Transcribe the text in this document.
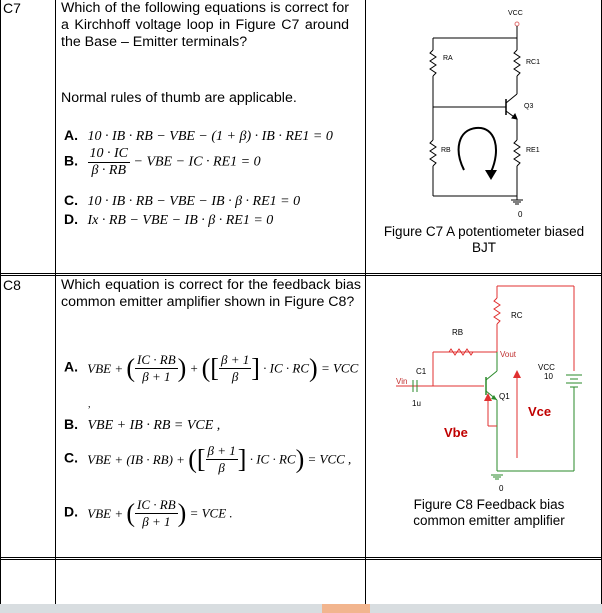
C7	Which of the following equations is correct for a Kirchhoff voltage loop in Figure C7 around the Base – Emitter terminals?
Normal rules of thumb are applicable.
A. 10 · IB · RB − VBE − (1 + β) · IB · RE1 = 0
B. $\frac{10 \cdot IC}{\beta \cdot RB}$ − VBE − IC · RE1 = 0
C. 10 · IB · RB − VBE − IB · β · RE1 = 0
D. Ix · RB − VBE − IB · β · RE1 = 0
VCC
RA
RC1
Q3
RB	RE1
0
Figure C7 A potentiometer biased
BJT
C8	Which equation is correct for the feedback bias common emitter amplifier shown in Figure C8?
A. VBE + ( $\frac{IC \cdot RB}{\beta + 1}$ ) + ([ $\frac{\beta + 1}{\beta}$ ] · IC · RC) = VCC
,
B. VBE + IB · RB = VCE ,
C. VBE + (IB · RB) + ([ $\frac{\beta + 1}{\beta}$ ] · IC · RC) = VCC ,
D. VBE + ( $\frac{IC \cdot RB}{\beta + 1}$ ) = VCE .
RC
RB
Vout
VCC
10
C1
Vin
1u
Q1
Vce
Vbe
0
Figure C8 Feedback bias
common emitter amplifier
